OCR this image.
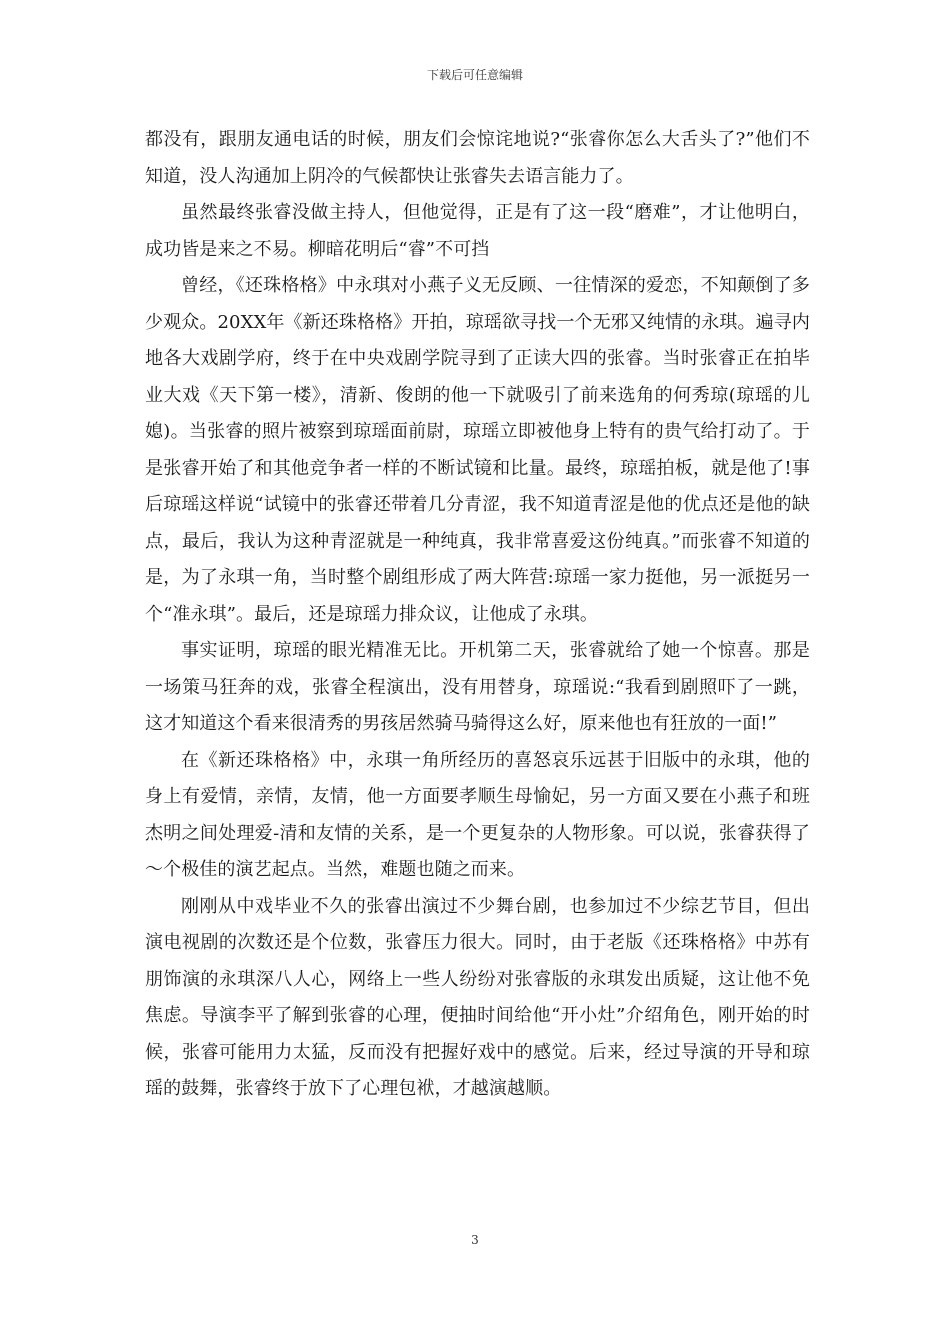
下载后可任意编辑

都没有，跟朋友通电话的时候，朋友们会惊诧地说?“张睿你怎么大舌头了?”他们不知道，没人沟通加上阴冷的气候都快让张睿失去语言能力了。

虽然最终张睿没做主持人，但他觉得，正是有了这一段“磨难”，才让他明白，成功皆是来之不易。柳暗花明后“睿”不可挡

曾经，《还珠格格》中永琪对小燕子义无反顾、一往情深的爱恋，不知颠倒了多少观众。20XX年《新还珠格格》开拍，琼瑶欲寻找一个无邪又纯情的永琪。遍寻内地各大戏剧学府，终于在中央戏剧学院寻到了正读大四的张睿。当时张睿正在拍毕业大戏《天下第一楼》，清新、俊朗的他一下就吸引了前来选角的何秀琼(琼瑶的儿媳)。当张睿的照片被察到琼瑶面前尉，琼瑶立即被他身上特有的贵气给打动了。于是张睿开始了和其他竞争者一样的不断试镜和比量。最终，琼瑶拍板，就是他了!事后琼瑶这样说“试镜中的张睿还带着几分青涩，我不知道青涩是他的优点还是他的缺点，最后，我认为这种青涩就是一种纯真，我非常喜爱这份纯真。”而张睿不知道的是，为了永琪一角，当时整个剧组形成了两大阵营:琼瑶一家力挺他，另一派挺另一个“准永琪”。最后，还是琼瑶力排众议，让他成了永琪。

事实证明，琼瑶的眼光精准无比。开机第二天，张睿就给了她一个惊喜。那是一场策马狂奔的戏，张睿全程演出，没有用替身，琼瑶说:“我看到剧照吓了一跳，这才知道这个看来很清秀的男孩居然骑马骑得这么好，原来他也有狂放的一面!”

在《新还珠格格》中，永琪一角所经历的喜怒哀乐远甚于旧版中的永琪，他的身上有爱情，亲情，友情，他一方面要孝顺生母愉妃，另一方面又要在小燕子和班杰明之间处理爱-清和友情的关系，是一个更复杂的人物形象。可以说，张睿获得了～个极佳的演艺起点。当然，难题也随之而来。

刚刚从中戏毕业不久的张睿出演过不少舞台剧，也参加过不少综艺节目，但出演电视剧的次数还是个位数，张睿压力很大。同时，由于老版《还珠格格》中苏有朋饰演的永琪深八人心，网络上一些人纷纷对张睿版的永琪发出质疑，这让他不免焦虑。导演李平了解到张睿的心理，便抽时间给他“开小灶”介绍角色，刚开始的时候，张睿可能用力太猛，反而没有把握好戏中的感觉。后来，经过导演的开导和琼瑶的鼓舞，张睿终于放下了心理包袱，才越演越顺。

3
